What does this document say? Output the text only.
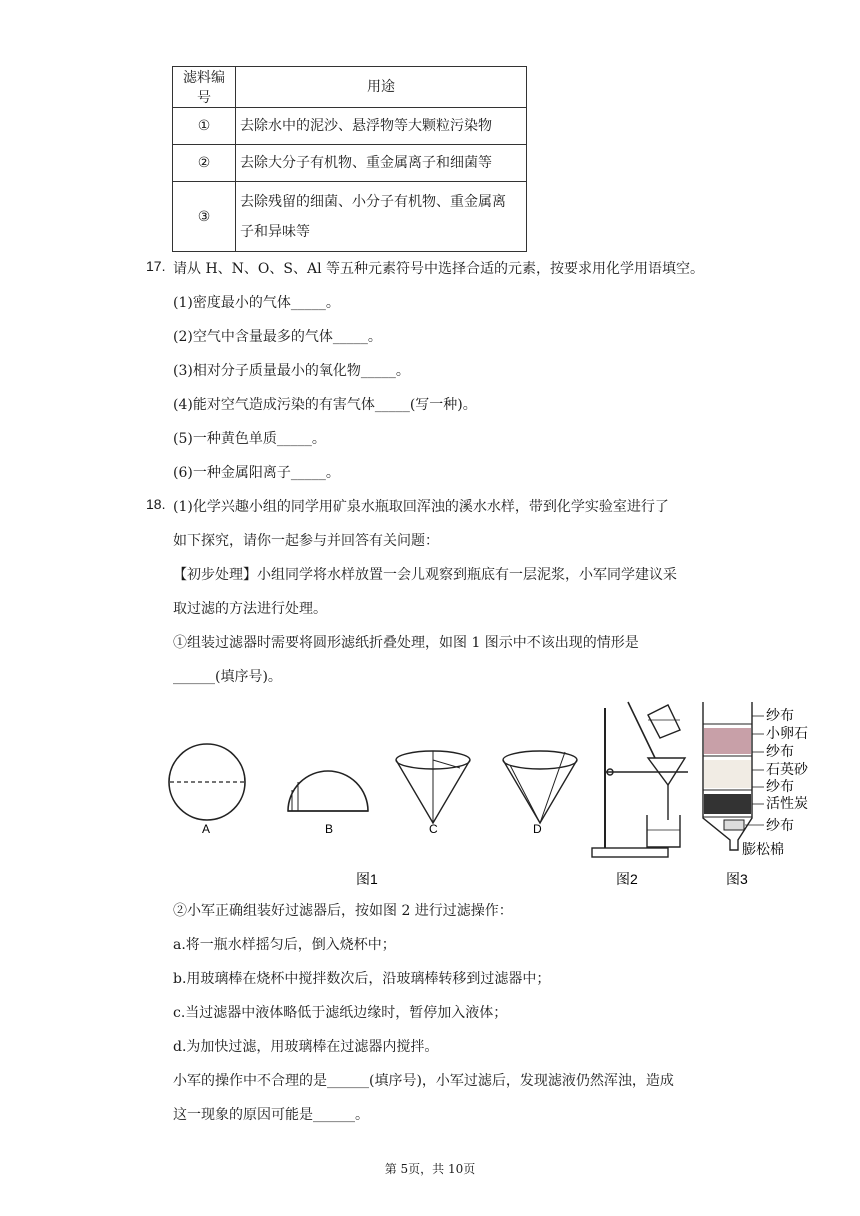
滤料编号	用途
①	去除水中的泥沙、悬浮物等大颗粒污染物
②	去除大分子有机物、重金属离子和细菌等
③	去除残留的细菌、小分子有机物、重金属离
子和异味等
17. 请从 H、N、O、S、Al 等五种元素符号中选择合适的元素，按要求用化学用语填空。
(1)密度最小的气体_____。
(2)空气中含量最多的气体_____。
(3)相对分子质量最小的氧化物_____。
(4)能对空气造成污染的有害气体_____(写一种)。
(5)一种黄色单质_____。
(6)一种金属阳离子_____。
18. (1)化学兴趣小组的同学用矿泉水瓶取回浑浊的溪水水样，带到化学实验室进行了
如下探究，请你一起参与并回答有关问题：
【初步处理】小组同学将水样放置一会儿观察到瓶底有一层泥浆，小军同学建议采
取过滤的方法进行处理。
①组装过滤器时需要将圆形滤纸折叠处理，如图 1 图示中不该出现的情形是
______(填序号)。
A	B	C	D
图1	图2
纱布
小卵石
纱布
石英砂
纱布
活性炭
纱布
膨松棉
图3
②小军正确组装好过滤器后，按如图 2 进行过滤操作：
a.将一瓶水样摇匀后，倒入烧杯中；
b.用玻璃棒在烧杯中搅拌数次后，沿玻璃棒转移到过滤器中；
c.当过滤器中液体略低于滤纸边缘时，暂停加入液体；
d.为加快过滤，用玻璃棒在过滤器内搅拌。
小军的操作中不合理的是______(填序号)，小军过滤后，发现滤液仍然浑浊，造成
这一现象的原因可能是______。
第 5页，共 10页
